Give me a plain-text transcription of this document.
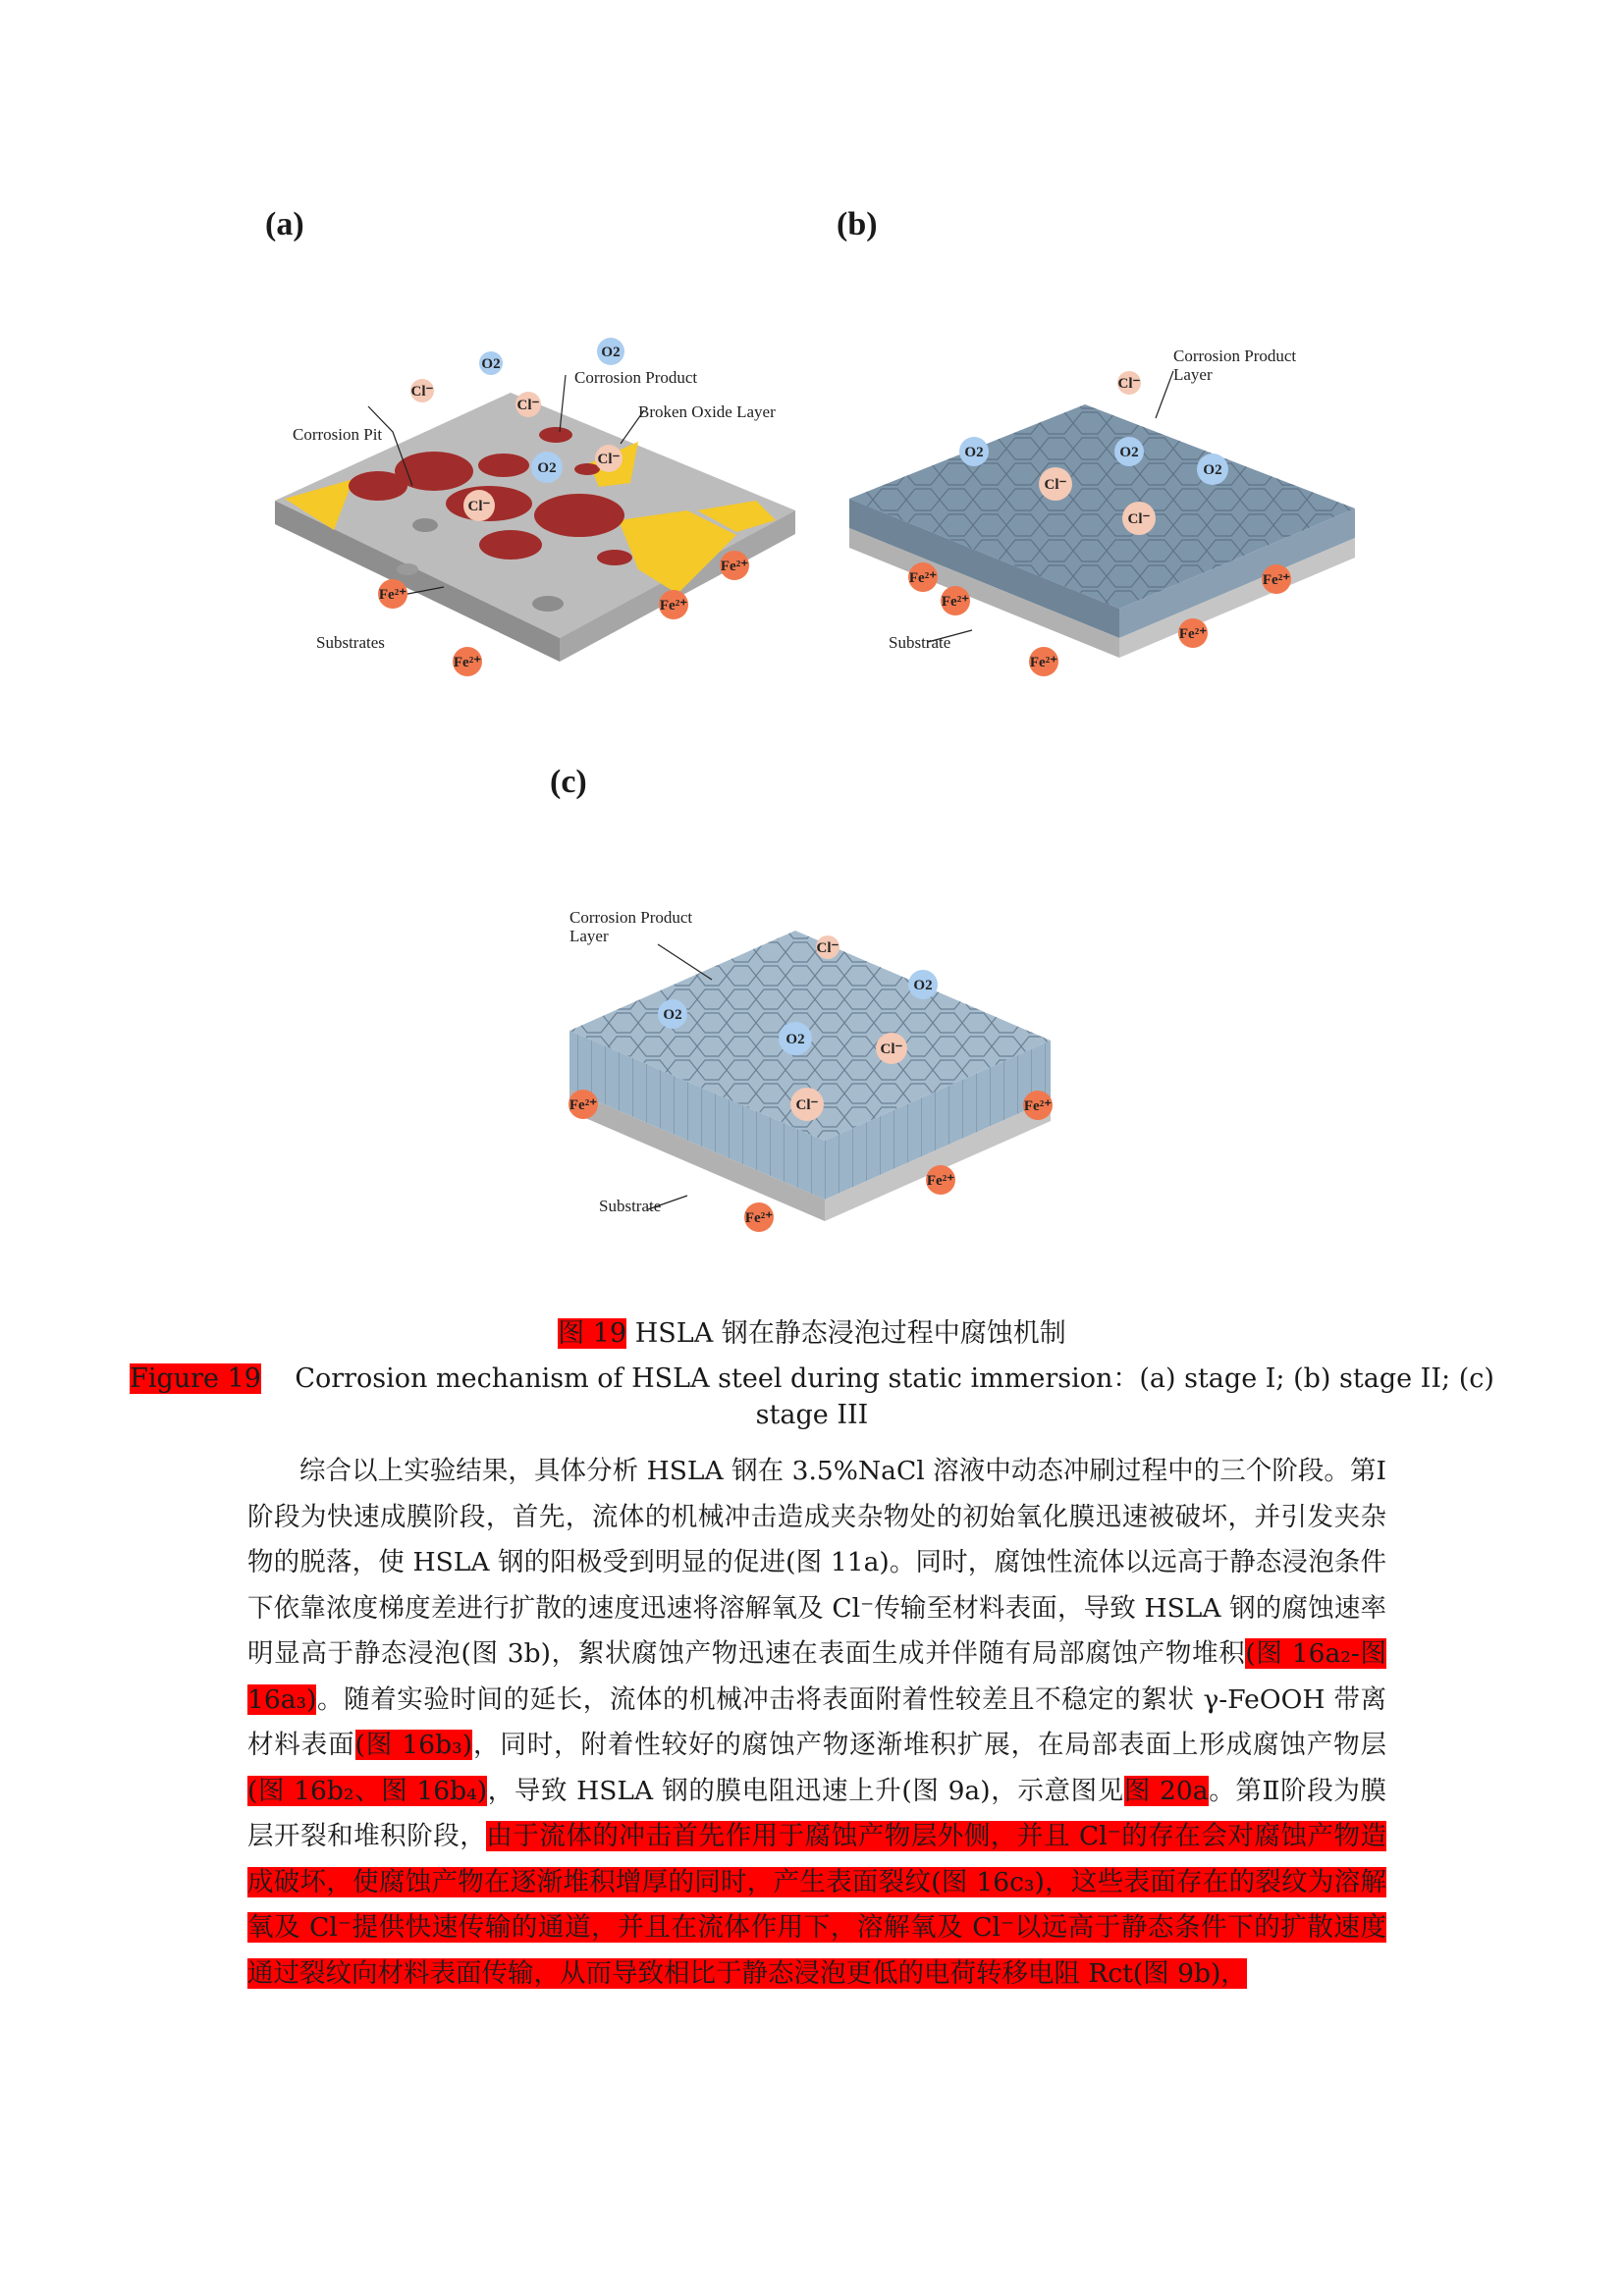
(a)	(b)
(c)
Corrosion Product
Broken Oxide Layer
Corrosion Pit
Substrates
O2
O2
O2
Cl⁻
Cl⁻
Cl⁻
Cl⁻
Fe²⁺
Fe²⁺
Fe²⁺
Fe²⁺
Corrosion Product
Layer
Substrate
Cl⁻
O2	O2
O2
Cl⁻
Cl⁻
Fe²⁺
Fe²⁺
Fe²⁺
Fe²⁺
Fe²⁺
Corrosion Product
Layer
Substrate
Cl⁻
O2
O2
O2
Cl⁻
Cl⁻
Fe²⁺	Fe²⁺
Fe²⁺
Fe²⁺
图 19 HSLA 钢在静态浸泡过程中腐蚀机制
Figure 19 Corrosion mechanism of HSLA steel during static immersion：(a) stage I; (b) stage II; (c)
stage III

综合以上实验结果，具体分析 HSLA 钢在 3.5%NaCl 溶液中动态冲刷过程中的三个阶段。第Ⅰ阶段为快速成膜阶段，首先，流体的机械冲击造成夹杂物处的初始氧化膜迅速被破坏，并引发夹杂物的脱落，使 HSLA 钢的阳极受到明显的促进(图 11a)。同时，腐蚀性流体以远高于静态浸泡条件下依靠浓度梯度差进行扩散的速度迅速将溶解氧及 Cl⁻传输至材料表面，导致 HSLA 钢的腐蚀速率明显高于静态浸泡(图 3b)，絮状腐蚀产物迅速在表面生成并伴随有局部腐蚀产物堆积(图 16a₂-图 16a₃)。随着实验时间的延长，流体的机械冲击将表面附着性较差且不稳定的絮状 γ-FeOOH 带离材料表面(图 16b₃)，同时，附着性较好的腐蚀产物逐渐堆积扩展，在局部表面上形成腐蚀产物层(图 16b₂、图 16b₄)，导致 HSLA 钢的膜电阻迅速上升(图 9a)，示意图见图 20a。第Ⅱ阶段为膜层开裂和堆积阶段，由于流体的冲击首先作用于腐蚀产物层外侧，并且 Cl⁻的存在会对腐蚀产物造成破坏，使腐蚀产物在逐渐堆积增厚的同时，产生表面裂纹(图 16c₃)，这些表面存在的裂纹为溶解氧及 Cl⁻提供快速传输的通道，并且在流体作用下，溶解氧及 Cl⁻以远高于静态条件下的扩散速度通过裂纹向材料表面传输，从而导致相比于静态浸泡更低的电荷转移电阻 Rct(图 9b)，
